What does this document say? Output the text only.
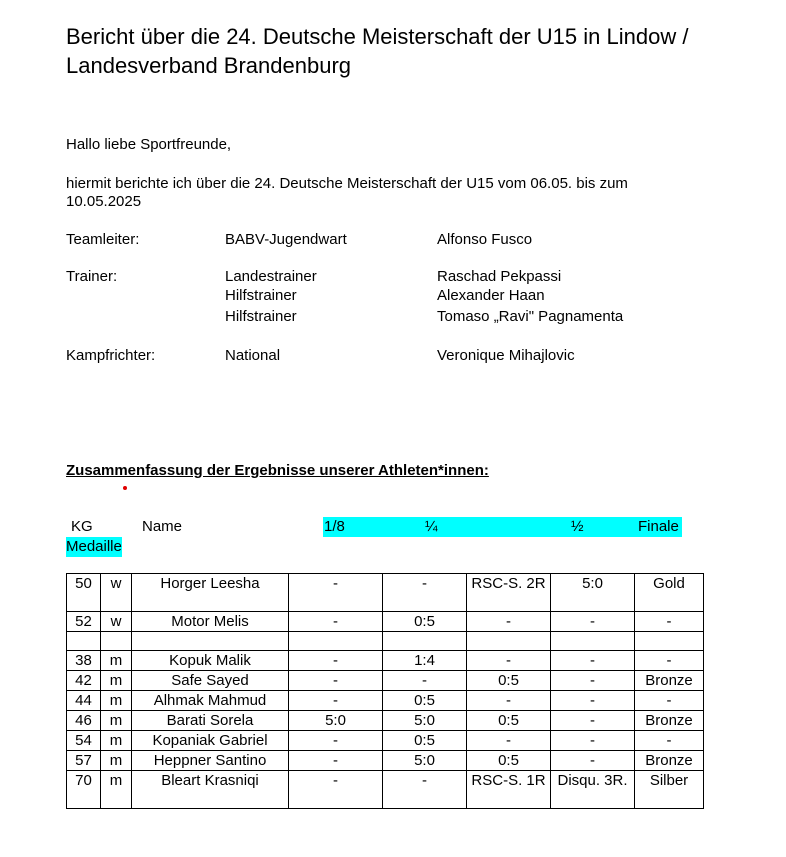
Bericht über die 24. Deutsche Meisterschaft der U15 in Lindow / Landesverband Brandenburg

Hallo liebe Sportfreunde,

hiermit berichte ich über die 24. Deutsche Meisterschaft der U15 vom 06.05. bis zum 10.05.2025

Teamleiter:	BABV-Jugendwart	Alfonso Fusco
Trainer:	Landestrainer	Raschad Pekpassi
Hilfstrainer	Alexander Haan
Hilfstrainer	Tomaso „Ravi" Pagnamenta
Kampfrichter:	National	Veronique Mihajlovic

Zusammenfassung der Ergebnisse unserer Athleten*innen:

KG	Name	1/8	¼	½	Finale
Medaille
50	w	Horger Leesha	-	-	RSC-S. 2R	5:0	Gold
52	w	Motor Melis	-	0:5	-	-	-

38	m	Kopuk Malik	-	1:4	-	-	-
42	m	Safe Sayed	-	-	0:5	-	Bronze
44	m	Alhmak Mahmud	-	0:5	-	-	-
46	m	Barati Sorela	5:0	5:0	0:5	-	Bronze
54	m	Kopaniak Gabriel	-	0:5	-	-	-
57	m	Heppner Santino	-	5:0	0:5	-	Bronze
70	m	Bleart Krasniqi	-	-	RSC-S. 1R	Disqu. 3R.	Silber
